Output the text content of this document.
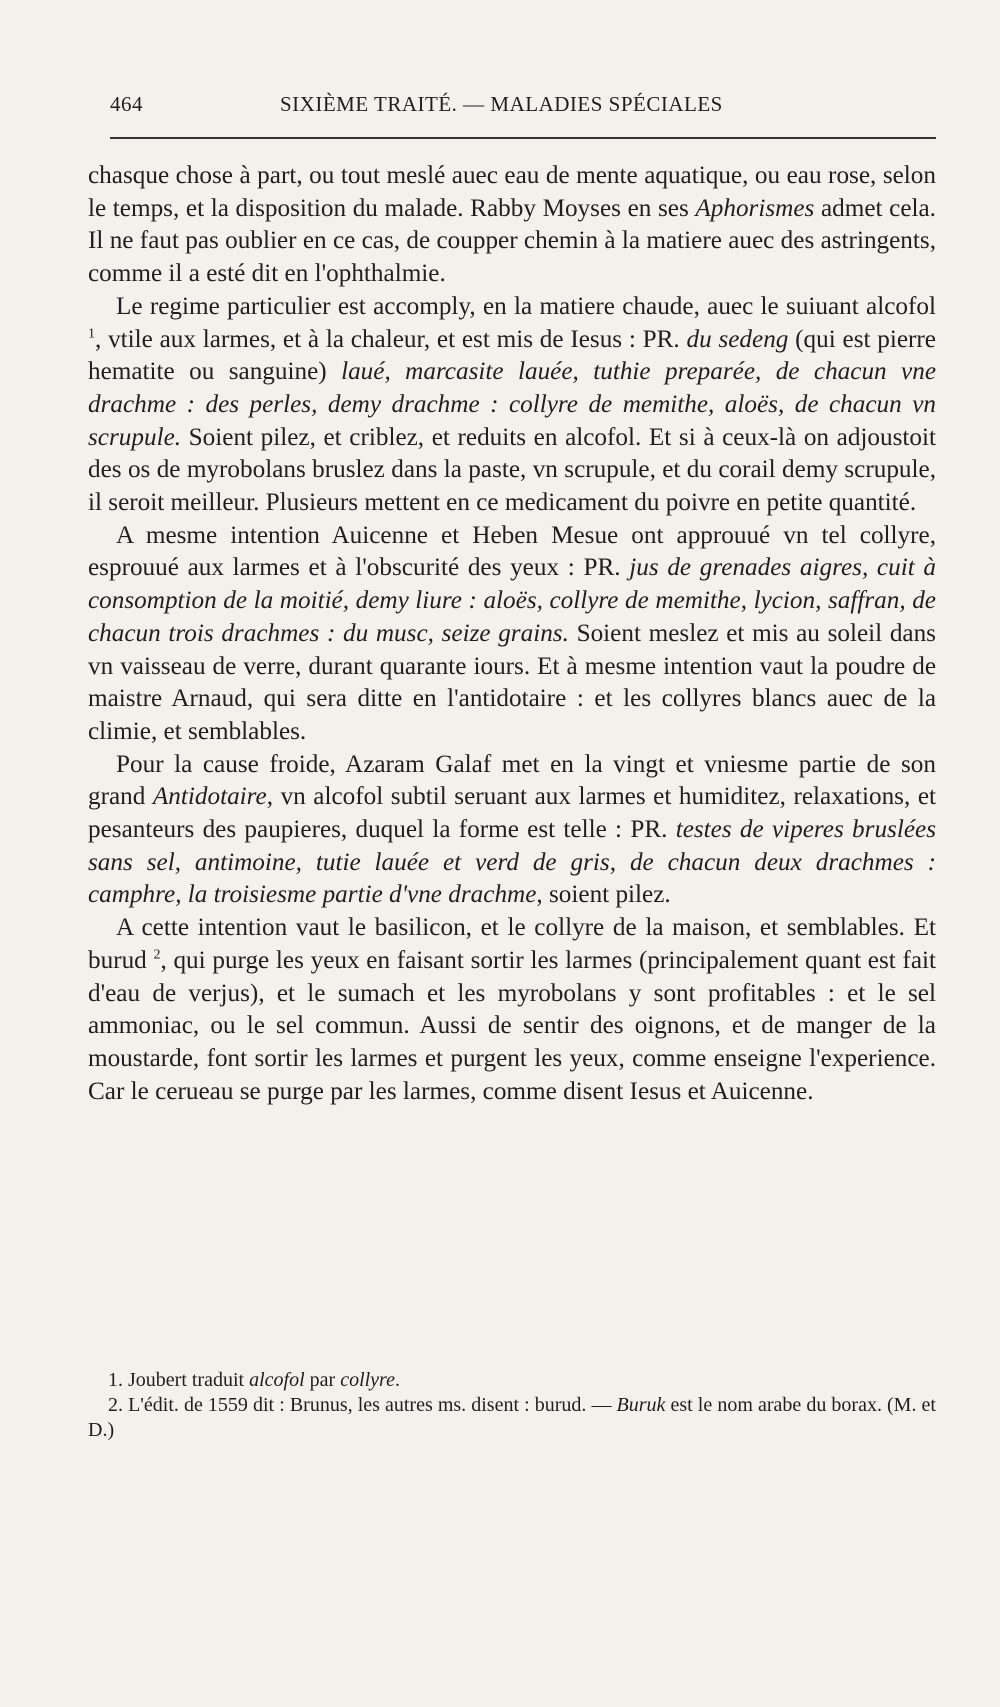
464	SIXIÈME TRAITÉ. — MALADIES SPÉCIALES

chasque chose à part, ou tout meslé auec eau de mente aquatique, ou eau rose, selon le temps, et la disposition du malade. Rabby Moyses en ses Aphorismes admet cela. Il ne faut pas oublier en ce cas, de coupper chemin à la matiere auec des astringents, comme il a esté dit en l'ophthalmie.

Le regime particulier est accomply, en la matiere chaude, auec le suiuant alcofol $^1$, vtile aux larmes, et à la chaleur, et est mis de Iesus : PR. du sedeng (qui est pierre hematite ou sanguine) laué, marcasite lauée, tuthie preparée, de chacun vne drachme : des perles, demy drachme : collyre de memithe, aloës, de chacun vn scrupule. Soient pilez, et criblez, et reduits en alcofol. Et si à ceux-là on adjoustoit des os de myrobolans bruslez dans la paste, vn scrupule, et du corail demy scrupule, il seroit meilleur. Plusieurs mettent en ce medicament du poivre en petite quantité.

A mesme intention Auicenne et Heben Mesue ont approuué vn tel collyre, esprouué aux larmes et à l'obscurité des yeux : PR. jus de grenades aigres, cuit à consomption de la moitié, demy liure : aloës, collyre de memithe, lycion, saffran, de chacun trois drachmes : du musc, seize grains. Soient meslez et mis au soleil dans vn vaisseau de verre, durant quarante iours. Et à mesme intention vaut la poudre de maistre Arnaud, qui sera ditte en l'antidotaire : et les collyres blancs auec de la climie, et semblables.

Pour la cause froide, Azaram Galaf met en la vingt et vniesme partie de son grand Antidotaire, vn alcofol subtil seruant aux larmes et humiditez, relaxations, et pesanteurs des paupieres, duquel la forme est telle : PR. testes de viperes bruslées sans sel, antimoine, tutie lauée et verd de gris, de chacun deux drachmes : camphre, la troisiesme partie d'vne drachme, soient pilez.

A cette intention vaut le basilicon, et le collyre de la maison, et semblables. Et burud $^2$, qui purge les yeux en faisant sortir les larmes (principalement quant est fait d'eau de verjus), et le sumach et les myrobolans y sont profitables : et le sel ammoniac, ou le sel commun. Aussi de sentir des oignons, et de manger de la moustarde, font sortir les larmes et purgent les yeux, comme enseigne l'experience. Car le cerueau se purge par les larmes, comme disent Iesus et Auicenne.

1. Joubert traduit alcofol par collyre.

2. L'édit. de 1559 dit : Brunus, les autres ms. disent : burud. — Buruk est le nom arabe du borax. (M. et D.)
